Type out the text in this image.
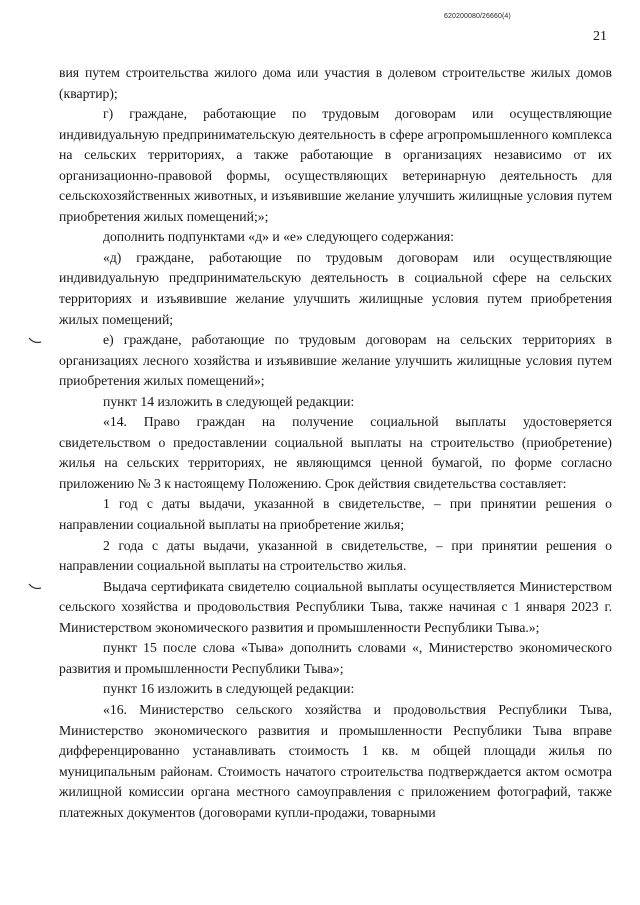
620200080/26660(4)
21

вия путем строительства жилого дома или участия в долевом строительстве жилых домов (квартир);

г) граждане, работающие по трудовым договорам или осуществляющие индивидуальную предпринимательскую деятельность в сфере агропромышленного комплекса на сельских территориях, а также работающие в организациях независимо от их организационно-правовой формы, осуществляющих ветеринарную деятельность для сельскохозяйственных животных, и изъявившие желание улучшить жилищные условия путем приобретения жилых помещений;»;

дополнить подпунктами «д» и «е» следующего содержания:

«д) граждане, работающие по трудовым договорам или осуществляющие индивидуальную предпринимательскую деятельность в социальной сфере на сельских территориях и изъявившие желание улучшить жилищные условия путем приобретения жилых помещений;

е) граждане, работающие по трудовым договорам на сельских территориях в организациях лесного хозяйства и изъявившие желание улучшить жилищные условия путем приобретения жилых помещений»;

пункт 14 изложить в следующей редакции:

«14. Право граждан на получение социальной выплаты удостоверяется свидетельством о предоставлении социальной выплаты на строительство (приобретение) жилья на сельских территориях, не являющимся ценной бумагой, по форме согласно приложению № 3 к настоящему Положению. Срок действия свидетельства составляет:

1 год с даты выдачи, указанной в свидетельстве, – при принятии решения о направлении социальной выплаты на приобретение жилья;

2 года с даты выдачи, указанной в свидетельстве, – при принятии решения о направлении социальной выплаты на строительство жилья.

Выдача сертификата свидетелю социальной выплаты осуществляется Министерством сельского хозяйства и продовольствия Республики Тыва, также начиная с 1 января 2023 г. Министерством экономического развития и промышленности Республики Тыва.»;

пункт 15 после слова «Тыва» дополнить словами «, Министерство экономического развития и промышленности Республики Тыва»;

пункт 16 изложить в следующей редакции:

«16. Министерство сельского хозяйства и продовольствия Республики Тыва, Министерство экономического развития и промышленности Республики Тыва вправе дифференцированно устанавливать стоимость 1 кв. м общей площади жилья по муниципальным районам. Стоимость начатого строительства подтверждается актом осмотра жилищной комиссии органа местного самоуправления с приложением фотографий, также платежных документов (договорами купли-продажи, товарными
